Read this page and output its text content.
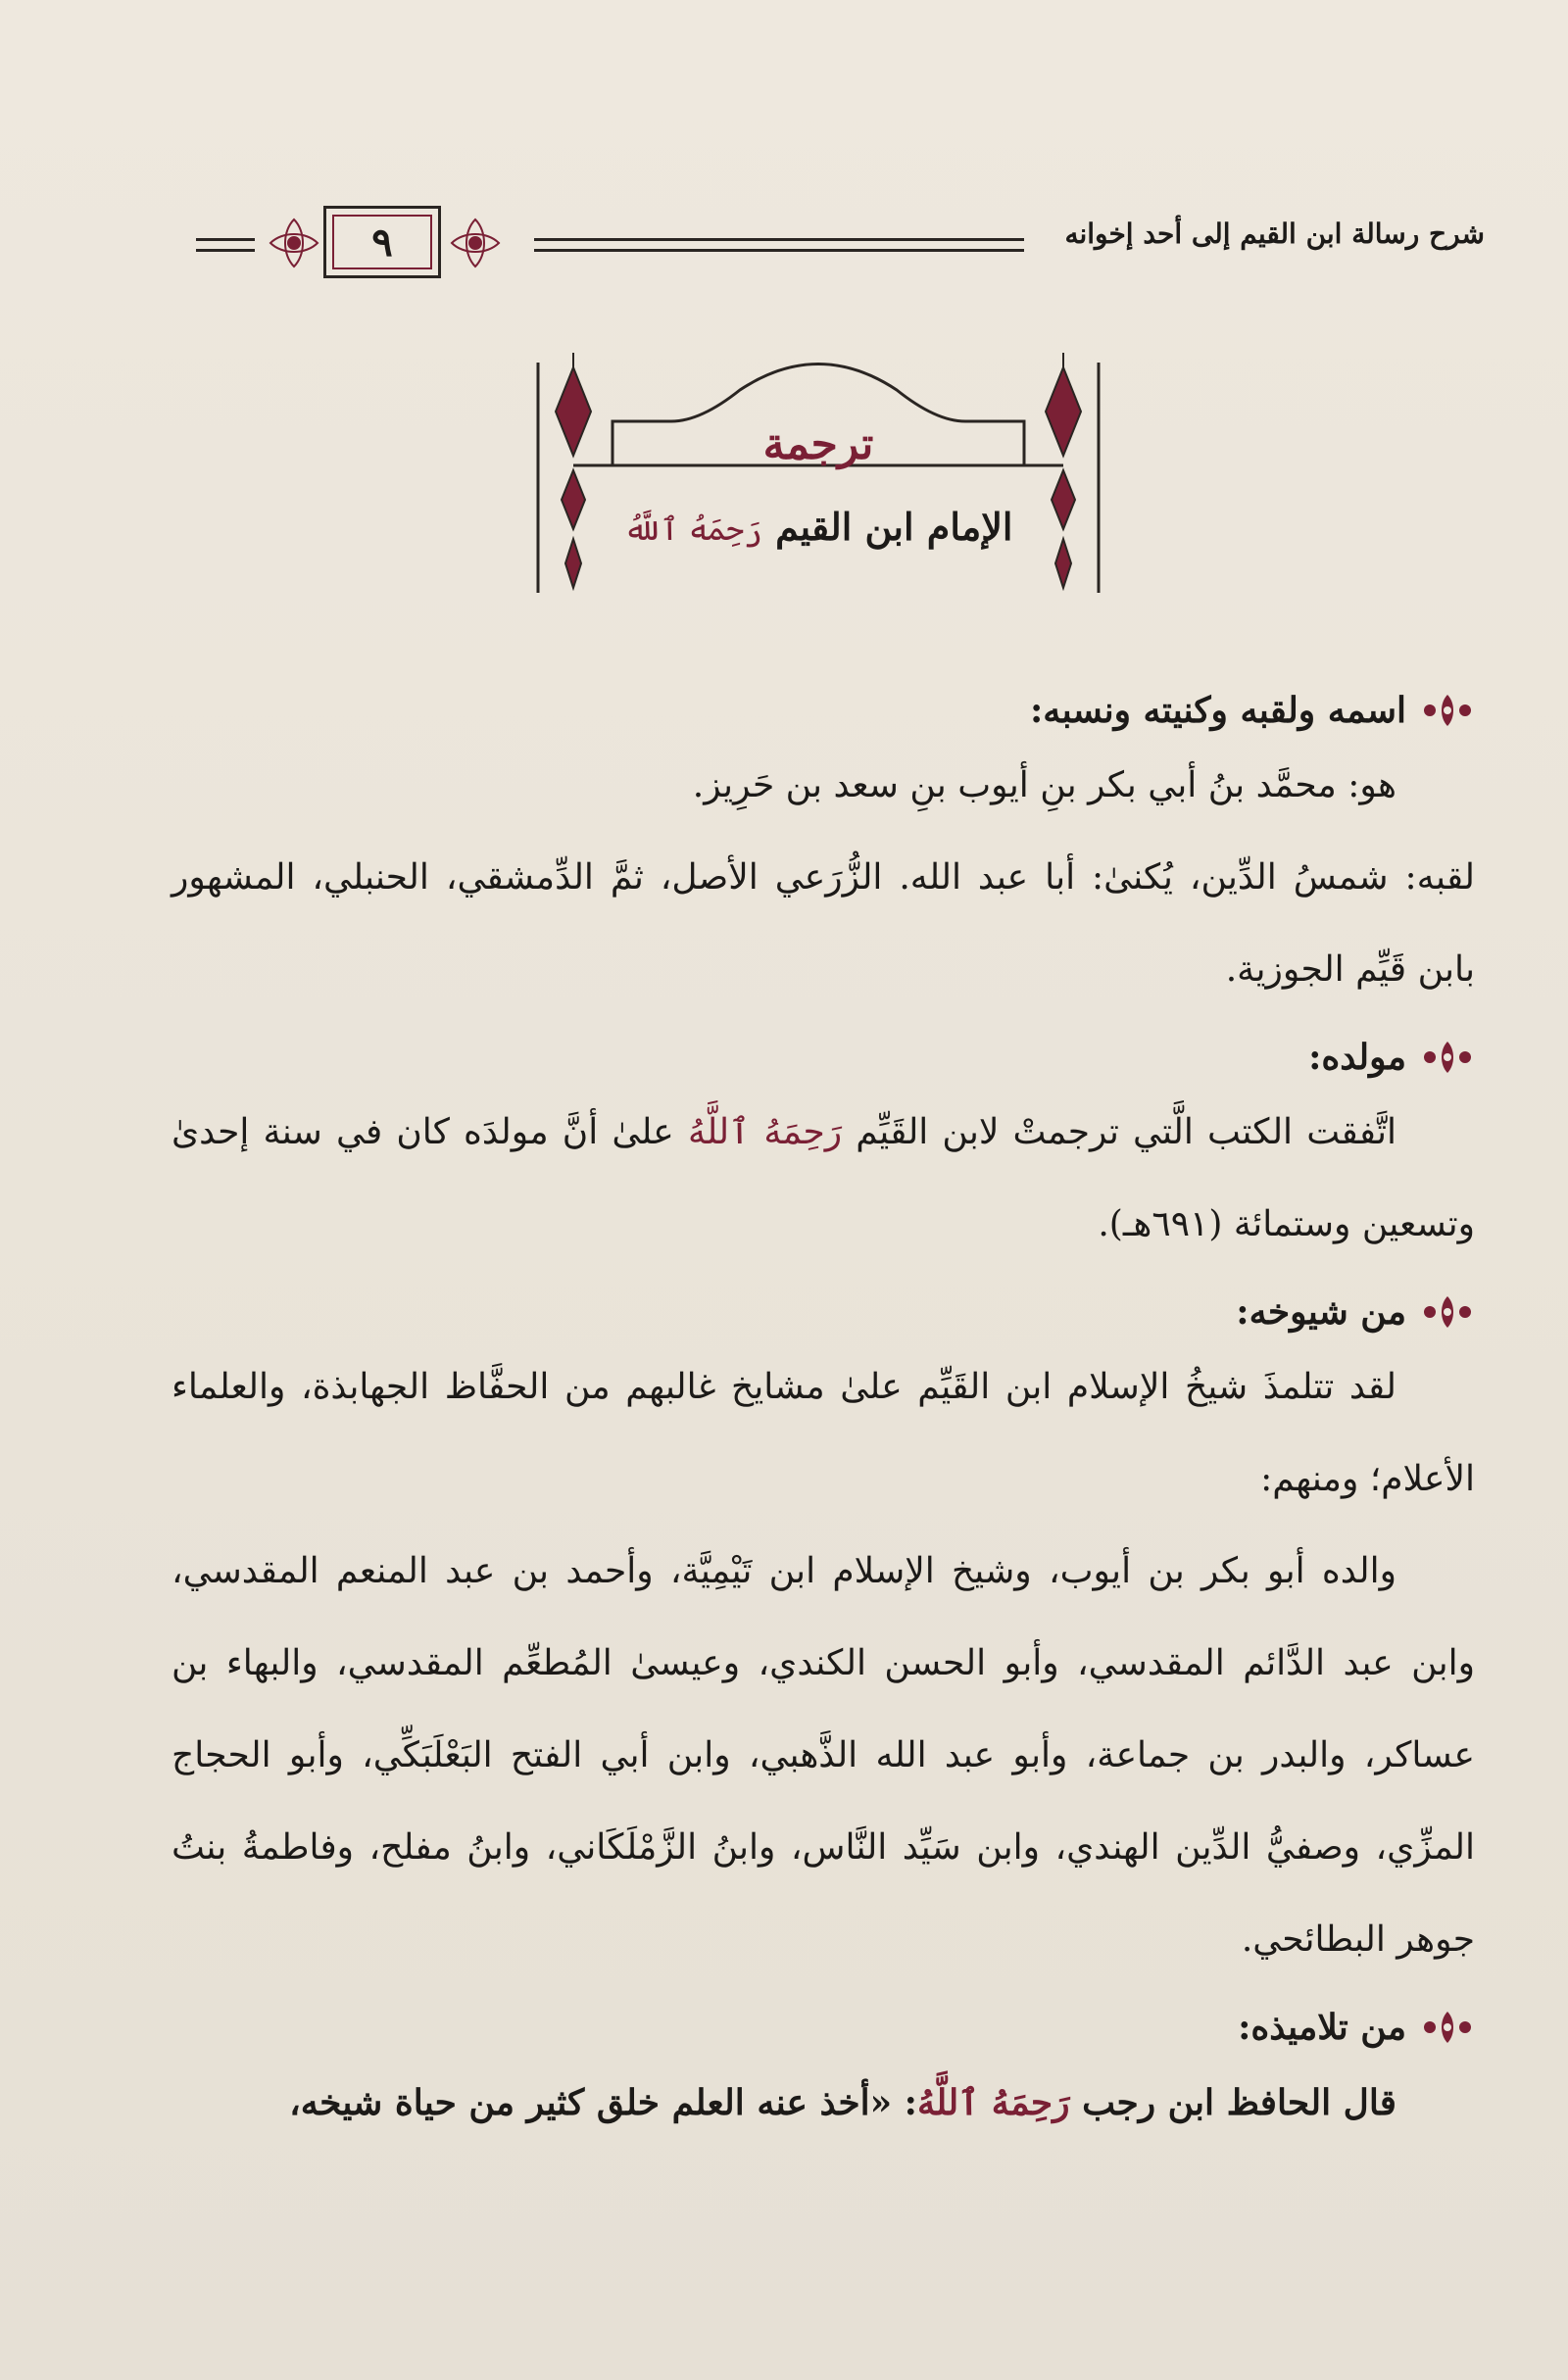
شرح رسالة ابن القيم إلى أحد إخوانه
٩
ترجمة
الإمام ابن القيم رَحِمَهُ ٱللَّهُ
اسمه ولقبه وكنيته ونسبه:

هو: محمَّد بنُ أبي بكر بنِ أيوب بنِ سعد بن حَرِيز.

لقبه: شمسُ الدِّين، يُكنىٰ: أبا عبد الله. الزُّرَعي الأصل، ثمَّ الدِّمشقي، الحنبلي، المشهور بابن قَيِّم الجوزية.

مولده:

اتَّفقت الكتب الَّتي ترجمتْ لابن القَيِّم رَحِمَهُ ٱللَّهُ علىٰ أنَّ مولدَه كان في سنة إحدىٰ وتسعين وستمائة (٦٩١هـ).

من شيوخه:

لقد تتلمذَ شيخُ الإسلام ابن القَيِّم علىٰ مشايخ غالبهم من الحفَّاظ الجهابذة، والعلماء الأعلام؛ ومنهم:

والده أبو بكر بن أيوب، وشيخ الإسلام ابن تَيْمِيَّة، وأحمد بن عبد المنعم المقدسي، وابن عبد الدَّائم المقدسي، وأبو الحسن الكندي، وعيسىٰ المُطعِّم المقدسي، والبهاء بن عساكر، والبدر بن جماعة، وأبو عبد الله الذَّهبي، وابن أبي الفتح البَعْلَبَكِّي، وأبو الحجاج المزِّي، وصفيُّ الدِّين الهندي، وابن سَيِّد النَّاس، وابنُ الزَّمْلَكَاني، وابنُ مفلح، وفاطمةُ بنتُ جوهر البطائحي.

من تلاميذه:

قال الحافظ ابن رجب رَحِمَهُ ٱللَّهُ: «أخذ عنه العلم خلق كثير من حياة شيخه،
